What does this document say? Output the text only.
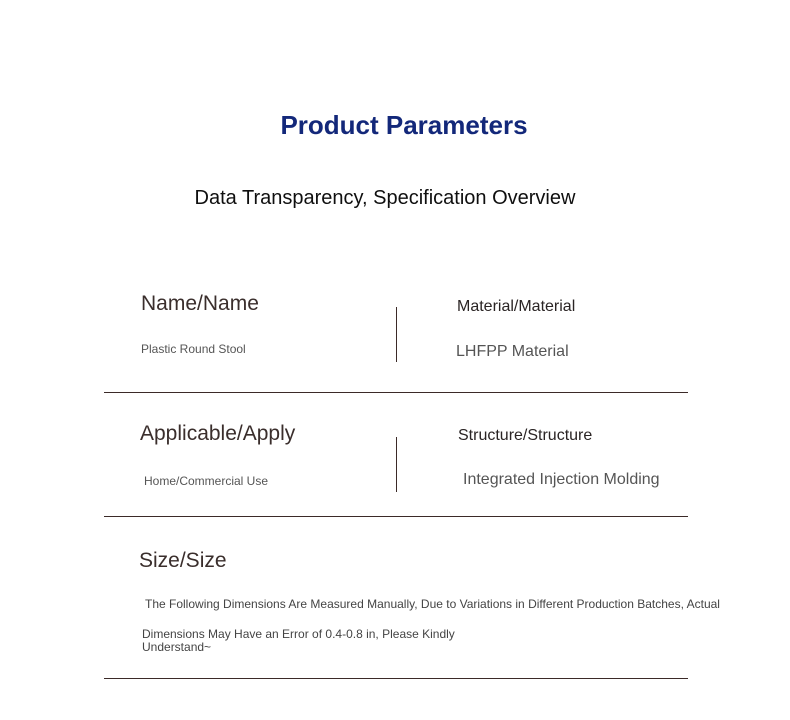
Product Parameters
Data Transparency, Specification Overview
Name/Name
Plastic Round Stool
Material/Material
LHFPP Material
Applicable/Apply
Home/Commercial Use
Structure/Structure
Integrated Injection Molding
Size/Size
The Following Dimensions Are Measured Manually, Due to Variations in Different Production Batches, Actual
Dimensions May Have an Error of 0.4-0.8 in, Please Kindly
Understand~
